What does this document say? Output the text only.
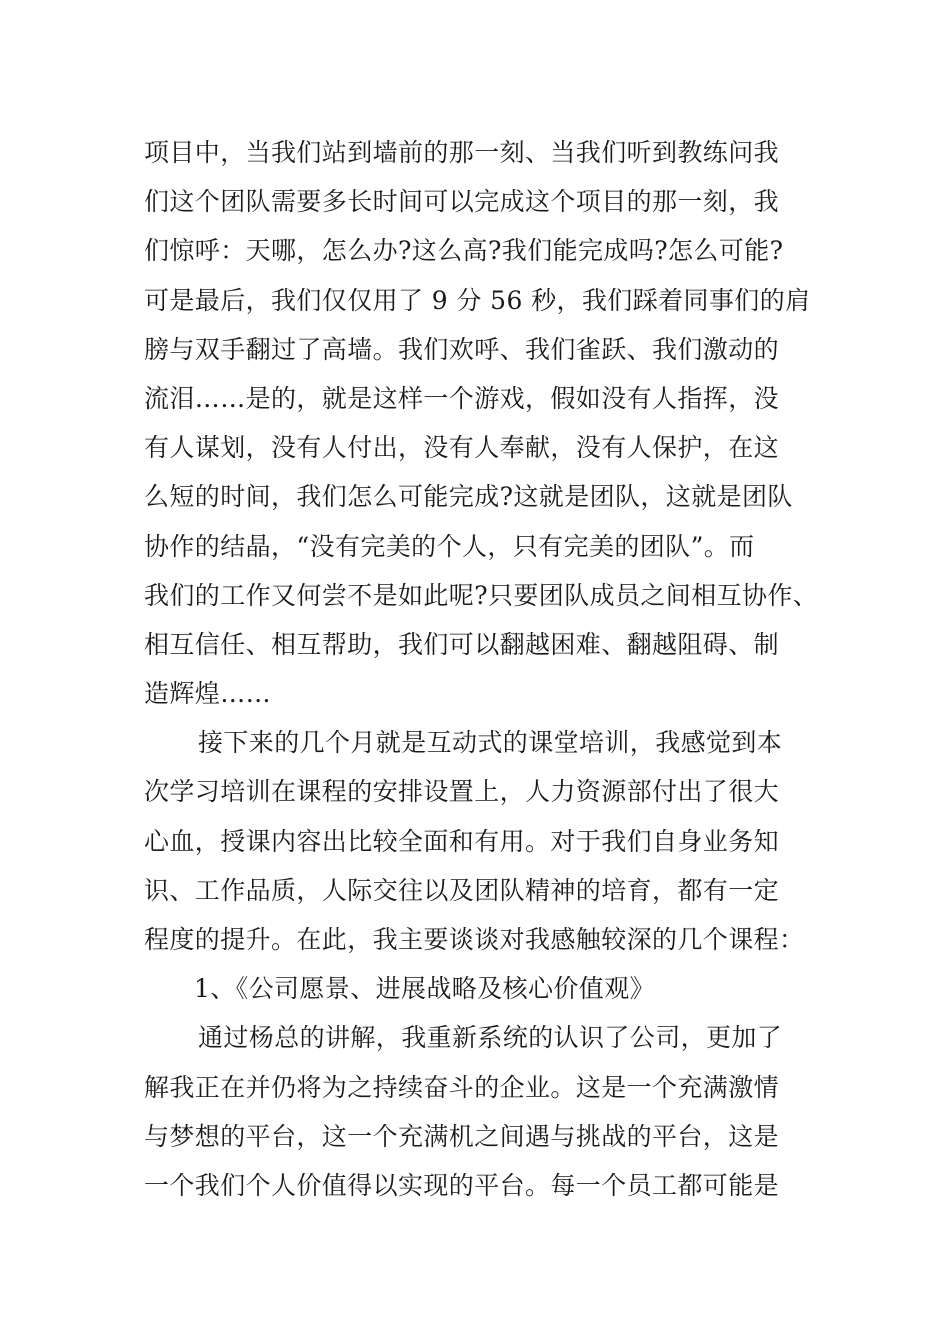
项目中，当我们站到墙前的那一刻、当我们听到教练问我
们这个团队需要多长时间可以完成这个项目的那一刻，我
们惊呼：天哪，怎么办?这么高?我们能完成吗?怎么可能?
可是最后，我们仅仅用了 9 分 56 秒，我们踩着同事们的肩
膀与双手翻过了高墙。我们欢呼、我们雀跃、我们激动的
流泪……是的，就是这样一个游戏，假如没有人指挥，没
有人谋划，没有人付出，没有人奉献，没有人保护，在这
么短的时间，我们怎么可能完成?这就是团队，这就是团队
协作的结晶，“没有完美的个人，只有完美的团队”。而
我们的工作又何尝不是如此呢?只要团队成员之间相互协作、
相互信任、相互帮助，我们可以翻越困难、翻越阻碍、制
造辉煌……
接下来的几个月就是互动式的课堂培训，我感觉到本
次学习培训在课程的安排设置上，人力资源部付出了很大
心血，授课内容出比较全面和有用。对于我们自身业务知
识、工作品质，人际交往以及团队精神的培育，都有一定
程度的提升。在此，我主要谈谈对我感触较深的几个课程：
1、《公司愿景、进展战略及核心价值观》
通过杨总的讲解，我重新系统的认识了公司，更加了
解我正在并仍将为之持续奋斗的企业。这是一个充满激情
与梦想的平台，这一个充满机之间遇与挑战的平台，这是
一个我们个人价值得以实现的平台。每一个员工都可能是
